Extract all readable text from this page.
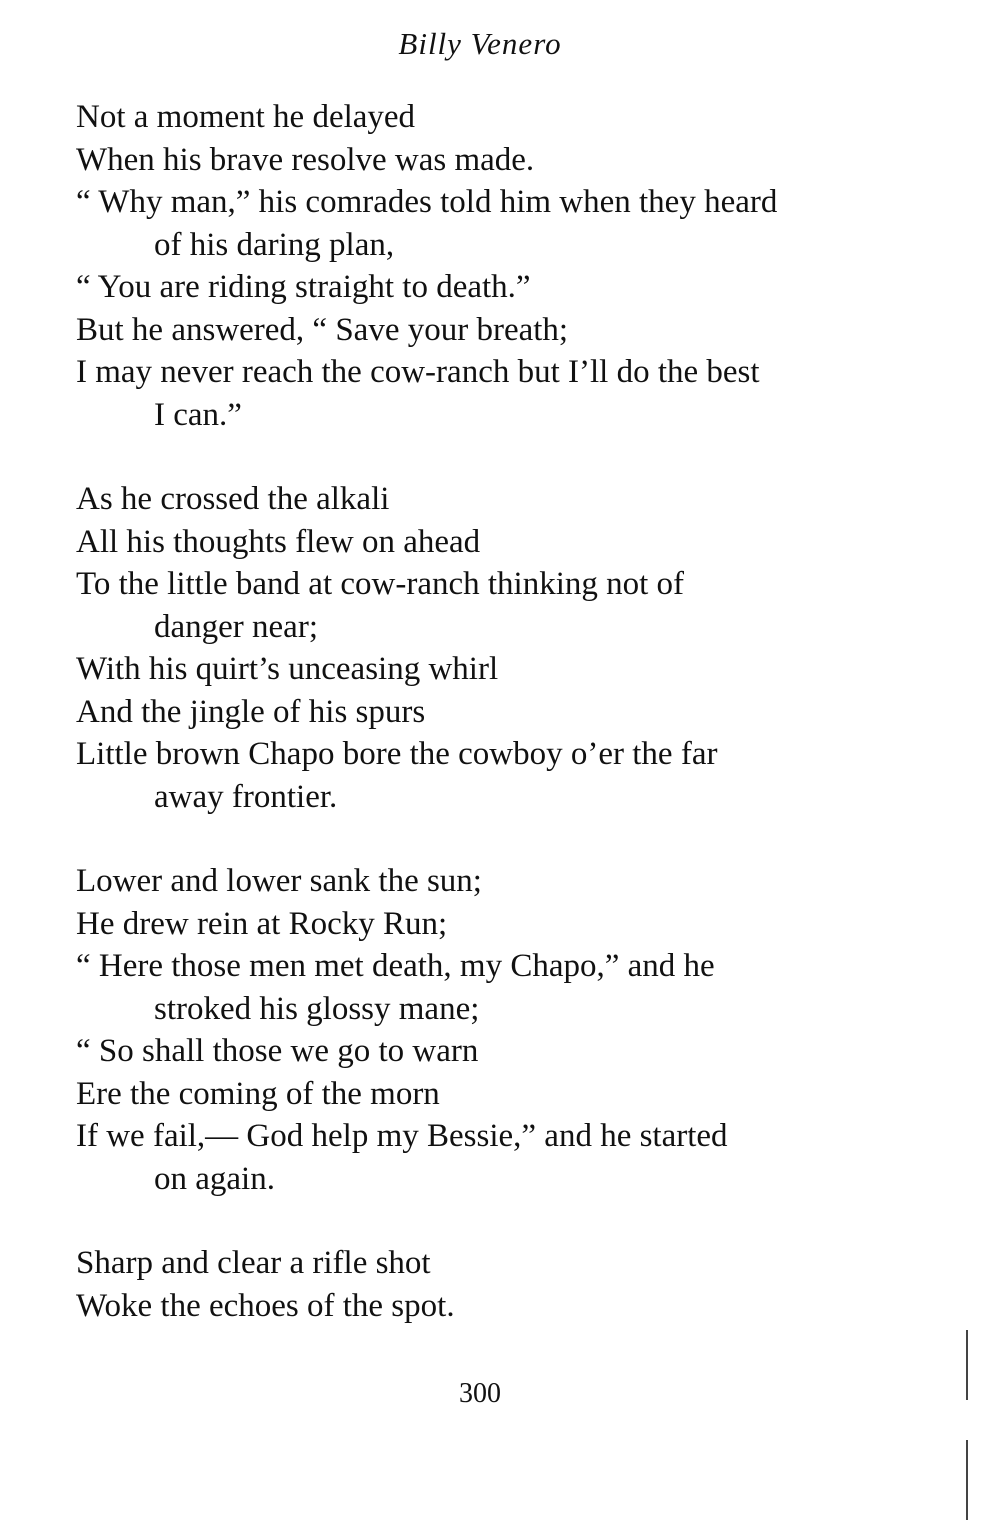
Billy Venero
Not a moment he delayed
When his brave resolve was made.
“ Why man,” his comrades told him when they heard
of his daring plan,
“ You are riding straight to death.”
But he answered, “ Save your breath;
I may never reach the cow-ranch but I’ll do the best
I can.”
As he crossed the alkali
All his thoughts flew on ahead
To the little band at cow-ranch thinking not of
danger near;
With his quirt’s unceasing whirl
And the jingle of his spurs
Little brown Chapo bore the cowboy o’er the far
away frontier.
Lower and lower sank the sun;
He drew rein at Rocky Run;
“ Here those men met death, my Chapo,” and he
stroked his glossy mane;
“ So shall those we go to warn
Ere the coming of the morn
If we fail,— God help my Bessie,” and he started
on again.
Sharp and clear a rifle shot
Woke the echoes of the spot.
300
